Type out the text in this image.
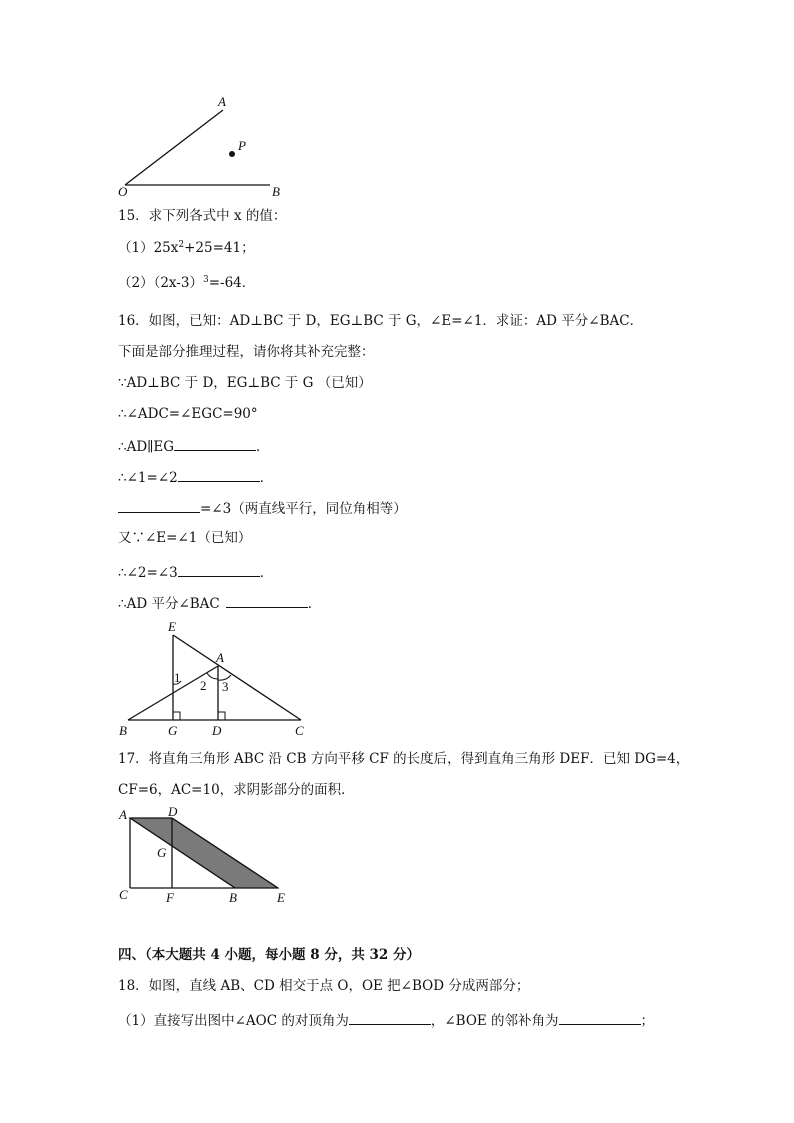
A
P
O	B
15．求下列各式中 x 的值：
$(1)25x^2+25=41$；
$(2)(2x-3)^3=-64$．
16．如图，已知：AD⊥BC 于 D，EG⊥BC 于 G，∠E=∠1．求证：AD 平分∠BAC．
下面是部分推理过程，请你将其补充完整：
∵AD⊥BC 于 D，EG⊥BC 于 G （已知）
∴∠ADC=∠EGC=90°
∴AD∥EG	．
∴∠1=∠2	．
=∠3（两直线平行，同位角相等）
又∵∠E=∠1（已知）
∴∠2=∠3	．
∴AD 平分∠BAC	．
E
A
1
2 3
B	G	D	C
17．将直角三角形 ABC 沿 CB 方向平移 CF 的长度后，得到直角三角形 DEF．已知 DG=4，
CF=6，AC=10，求阴影部分的面积．
A	D
G
C	F	B	E
四、（本大题共 4 小题，每小题 8 分，共 32 分）
18．如图，直线 AB、CD 相交于点 O，OE 把∠BOD 分成两部分；
（1）直接写出图中∠AOC 的对顶角为	，∠BOE 的邻补角为	；
